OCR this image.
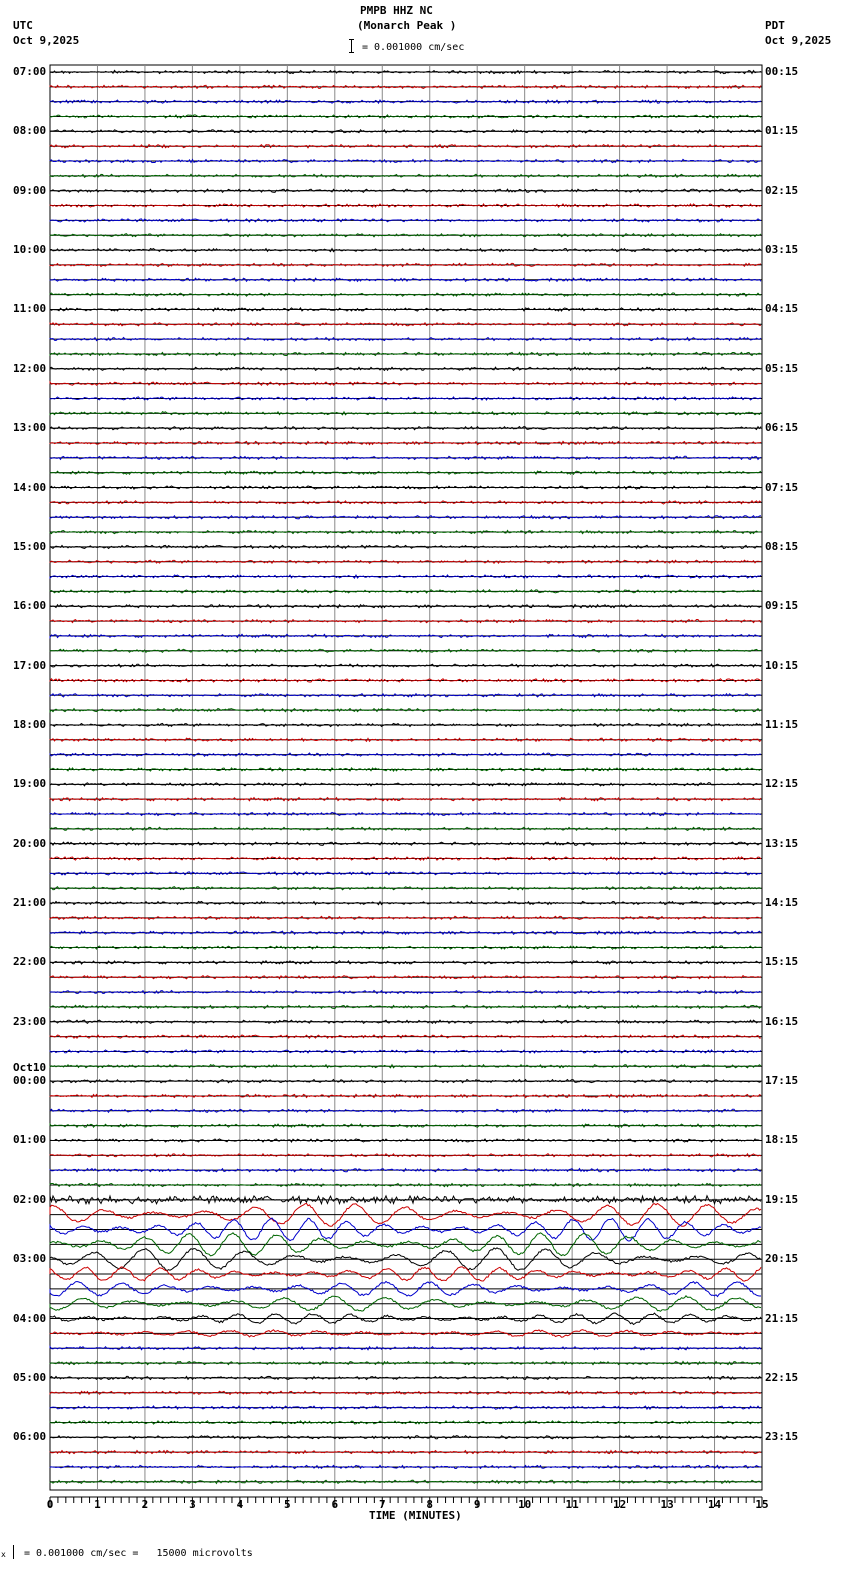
PMPB HHZ NC
(Monarch Peak )
UTC
Oct 9,2025
PDT
Oct 9,2025
= 0.001000 cm/sec
0	1	2	3	4	5	6	7	8	9	10	11	12	13	14	15
07:00
08:00
09:00
10:00
11:00
12:00
13:00
14:00
15:00
16:00
17:00
18:00
19:00
20:00
21:00
22:00
23:00
00:00
01:00
02:00
03:00
04:00
05:00
06:00
00:15
01:15
02:15
03:15
04:15
05:15
06:15
07:15
08:15
09:15
10:15
11:15
12:15
13:15
14:15
15:15
16:15
17:15
18:15
19:15
20:15
21:15
22:15
23:15
Oct10
TIME (MINUTES)
x = 0.001000 cm/sec =   15000 microvolts
